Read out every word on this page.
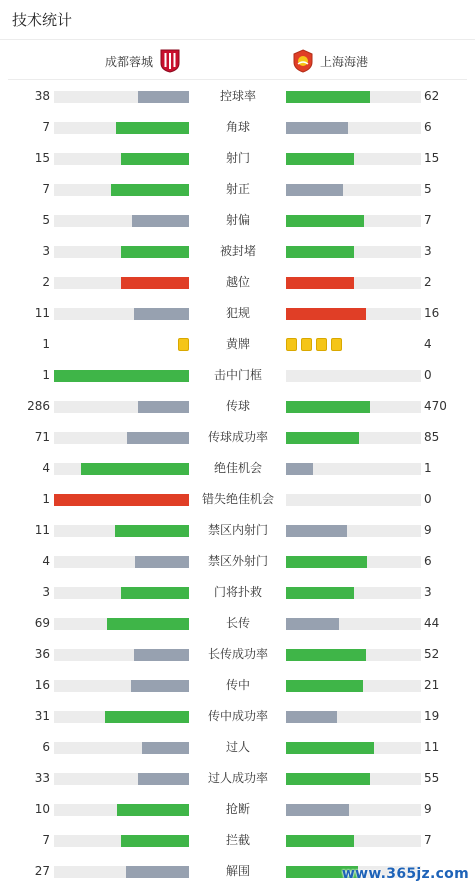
技术统计
成都蓉城	上海海港
38	控球率	62
7	角球	6
15	射门	15
7	射正	5
5	射偏	7
3	被封堵	3
2	越位	2
11	犯规	16
1	黄牌	4
1	击中门框	0
286	传球	470
71	传球成功率	85
4	绝佳机会	1
1	错失绝佳机会	0
11	禁区内射门	9
4	禁区外射门	6
3	门将扑救	3
69	长传	44
36	长传成功率	52
16	传中	21
31	传中成功率	19
6	过人	11
33	过人成功率	55
10	抢断	9
7	拦截	7
27	解围	www.365jz.com
